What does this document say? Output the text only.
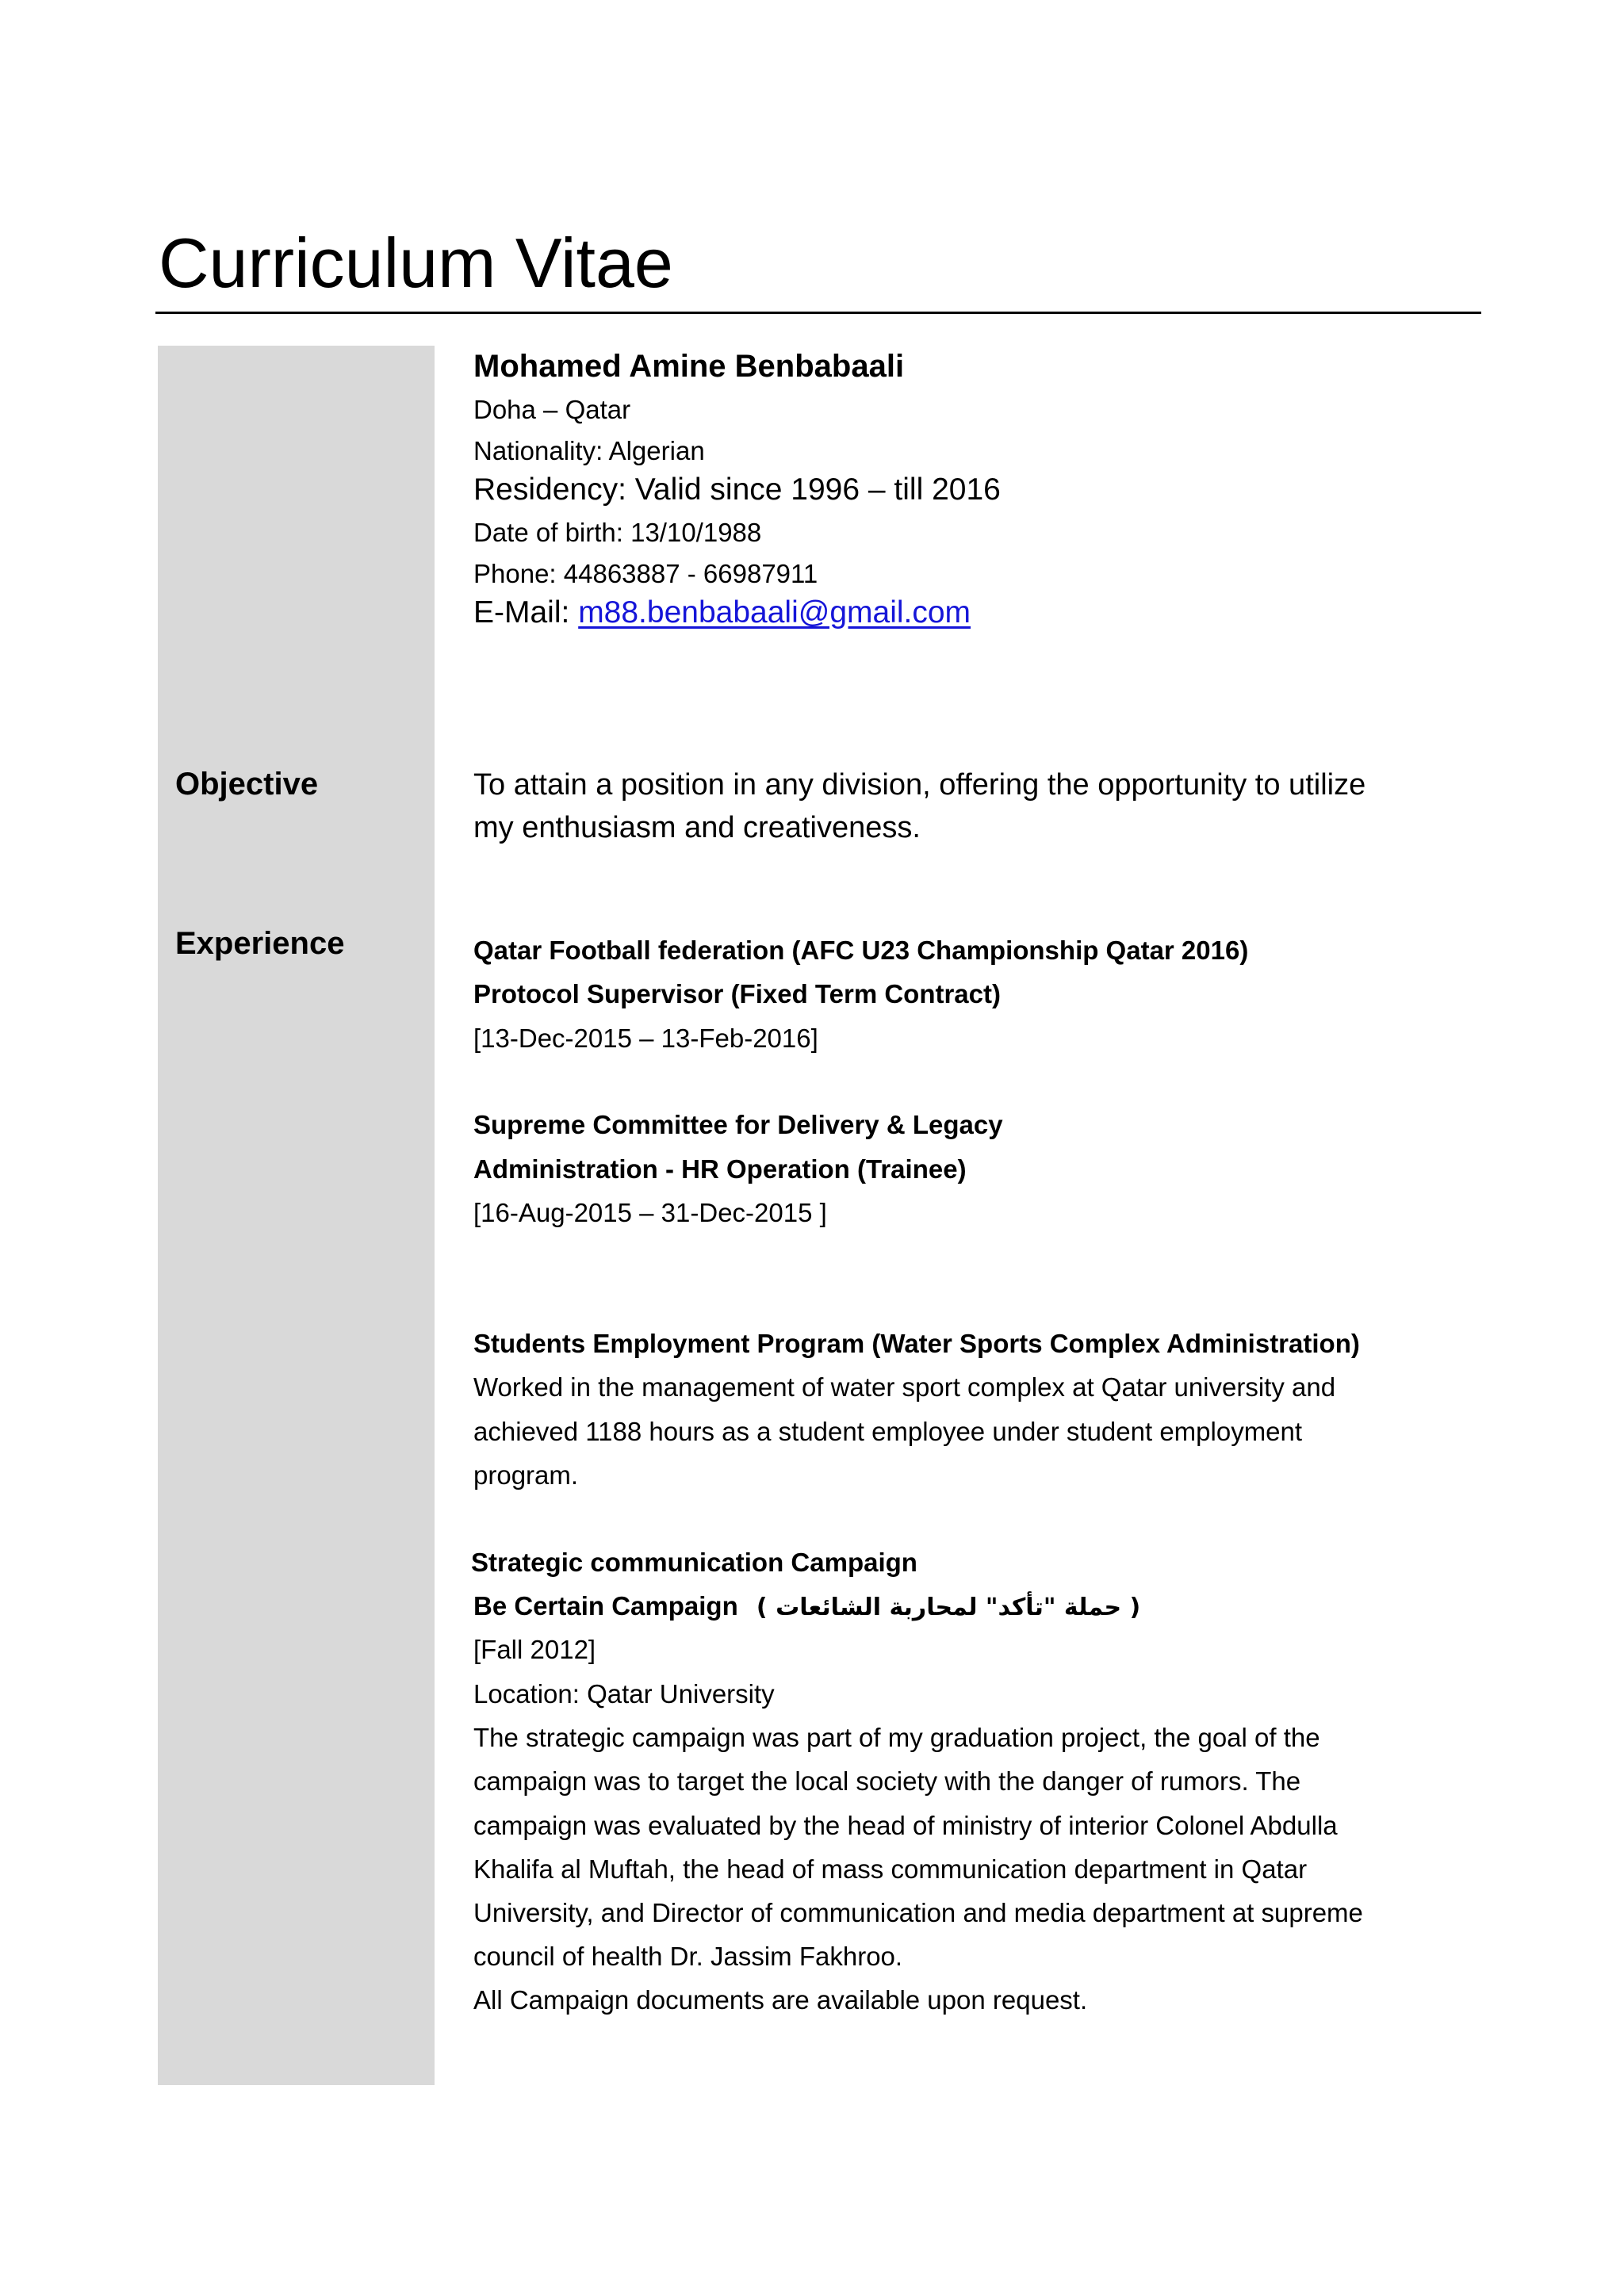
Curriculum Vitae
Objective
Experience
Mohamed Amine Benbabaali
Doha – Qatar
Nationality: Algerian
Residency: Valid since 1996 – till 2016
Date of birth: 13/10/1988
Phone: 44863887 - 66987911
E-Mail: m88.benbabaali@gmail.com
To attain a position in any division, offering the opportunity to utilize
my enthusiasm and creativeness.
Qatar Football federation (AFC U23 Championship Qatar 2016)
Protocol Supervisor (Fixed Term Contract)
[13-Dec-2015 – 13-Feb-2016]
Supreme Committee for Delivery & Legacy
Administration - HR Operation (Trainee)
[16-Aug-2015 – 31-Dec-2015 ]
Students Employment Program (Water Sports Complex Administration)
Worked in the management of water sport complex at Qatar university and
achieved 1188 hours as a student employee under student employment
program.
Strategic communication Campaign
Be Certain Campaign ( حملة "تأكد" لمحاربة الشائعات )
[Fall 2012]
Location: Qatar University
The strategic campaign was part of my graduation project, the goal of the
campaign was to target the local society with the danger of rumors. The
campaign was evaluated by the head of ministry of interior Colonel Abdulla
Khalifa al Muftah, the head of mass communication department in Qatar
University, and Director of communication and media department at supreme
council of health Dr. Jassim Fakhroo.
All Campaign documents are available upon request.
